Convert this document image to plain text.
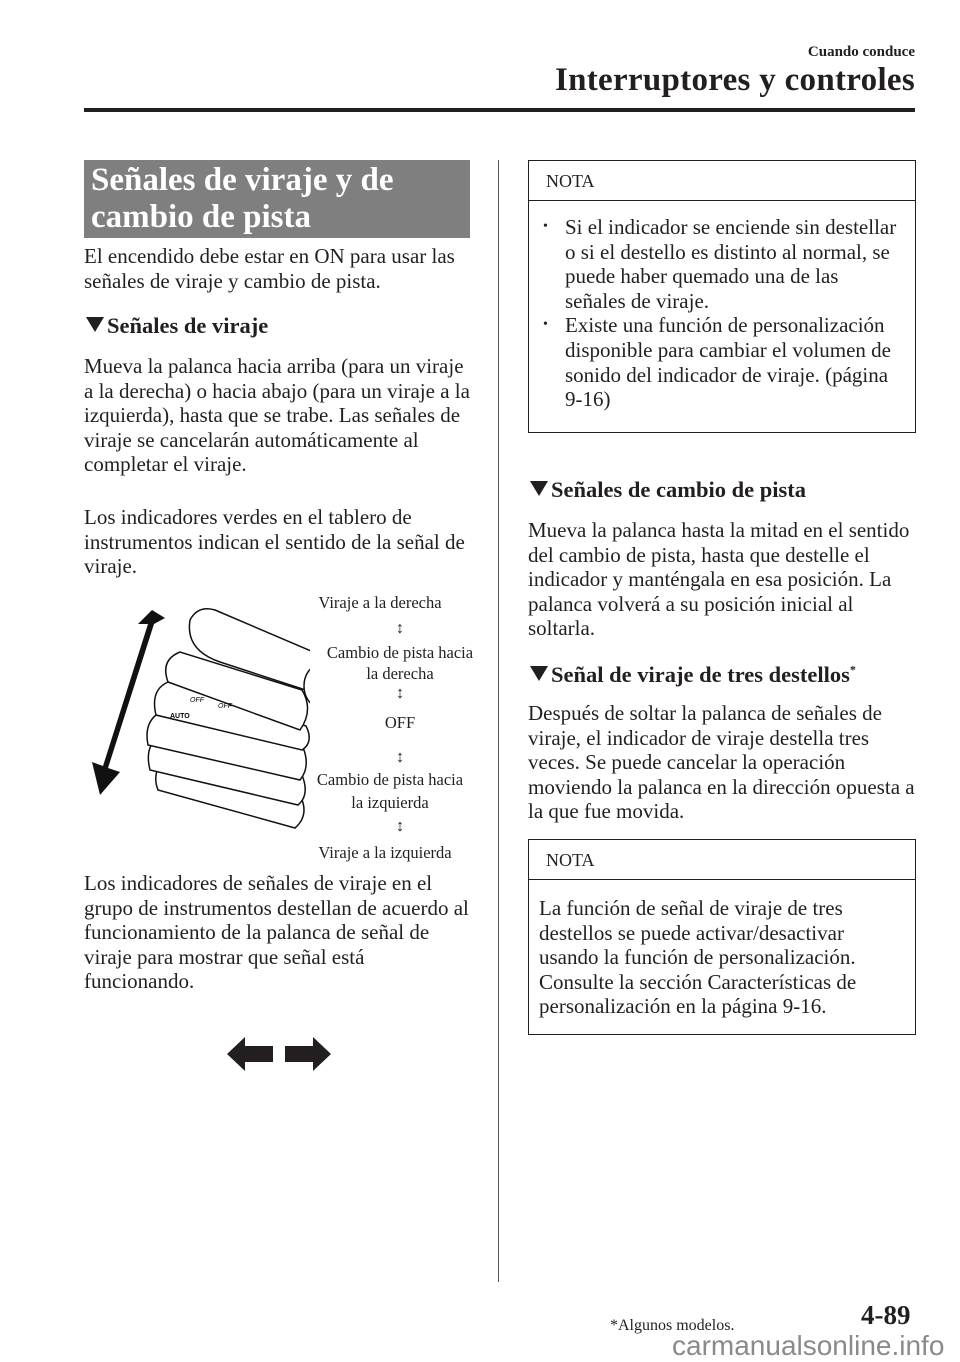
Cuando conduce
Interruptores y controles
Señales de viraje y de cambio de pista
El encendido debe estar en ON para usar las señales de viraje y cambio de pista.
Señales de viraje
Mueva la palanca hacia arriba (para un viraje a la derecha) o hacia abajo (para un viraje a la izquierda), hasta que se trabe. Las señales de viraje se cancelarán automáticamente al completar el viraje.
Los indicadores verdes en el tablero de instrumentos indican el sentido de la señal de viraje.
AUTO
OFF
OFF
Viraje a la derecha
↕
Cambio de pista hacia la derecha
↕
OFF
↕
Cambio de pista hacia la izquierda
↕
Viraje a la izquierda
Los indicadores de señales de viraje en el grupo de instrumentos destellan de acuerdo al funcionamiento de la palanca de señal de viraje para mostrar que señal está funcionando.
NOTA
• Si el indicador se enciende sin destellar o si el destello es distinto al normal, se puede haber quemado una de las señales de viraje.
• Existe una función de personalización disponible para cambiar el volumen de sonido del indicador de viraje. (página 9-16)
Señales de cambio de pista
Mueva la palanca hasta la mitad en el sentido del cambio de pista, hasta que destelle el indicador y manténgala en esa posición. La palanca volverá a su posición inicial al soltarla.
Señal de viraje de tres destellos*
Después de soltar la palanca de señales de viraje, el indicador de viraje destella tres veces. Se puede cancelar la operación moviendo la palanca en la dirección opuesta a la que fue movida.
NOTA
La función de señal de viraje de tres destellos se puede activar/desactivar usando la función de personalización. Consulte la sección Características de personalización en la página 9-16.
*Algunos modelos.	4-89
carmanualsonline.info
